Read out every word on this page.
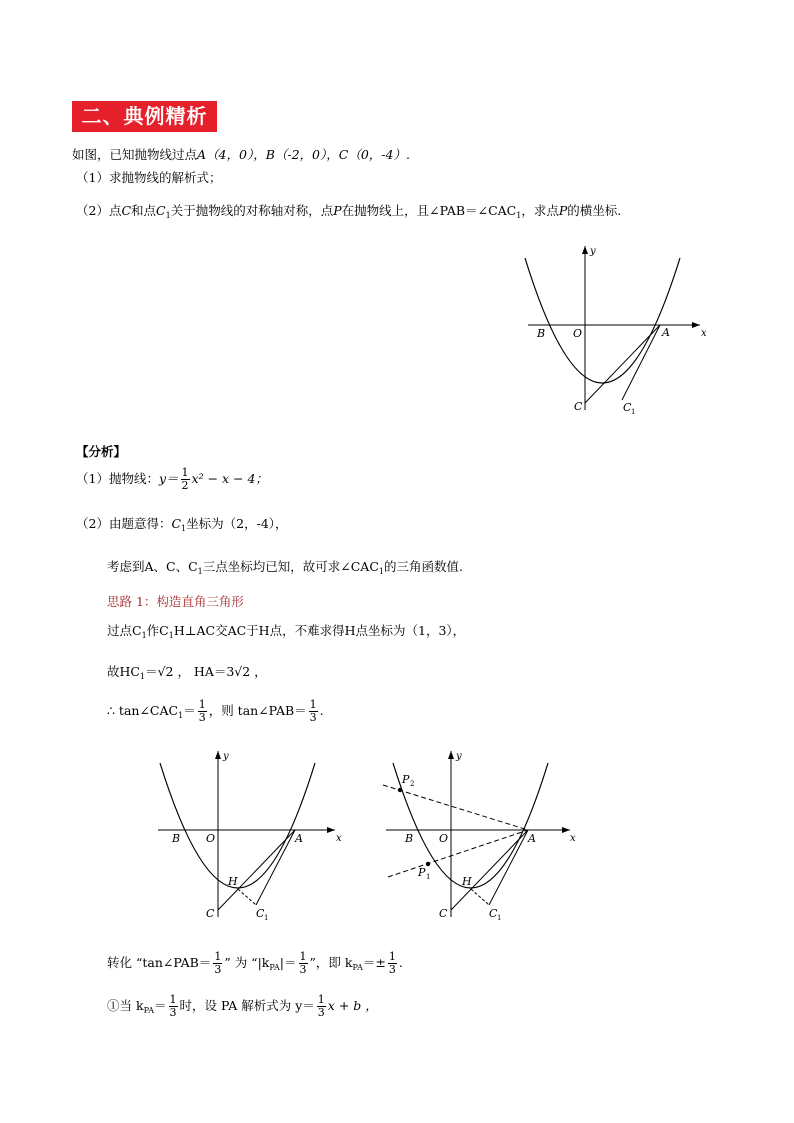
二、典例精析
如图，已知抛物线过点A（4，0），B（-2，0），C（0，-4）.
（1）求抛物线的解析式；
（2）点C和点$C_1$关于抛物线的对称轴对称，点P在抛物线上，且$\angle PAB=\angle CAC_1$，求点P的横坐标.
B	O	A	x
y
C	C 1
【分析】
（1）抛物线：$y= \frac{1}{2} x^2 - x - 4$；
（2）由题意得：$C_1$坐标为（2，-4），
考虑到A、C、$C_1$三点坐标均已知，故可求$\angle CAC_1$的三角函数值.
思路 1：构造直角三角形
过点$C_1$作$C_1H\perp AC$交AC于H点，不难求得H点坐标为（1，3），
故$HC_1=√2$ ， HA＝3√2 ，
∴ $\tan\angle CAC_1= \frac{1}{3}$ ，则 tan∠PAB＝ $\frac{1}{3}$ .
B O	A	x
y
H
C	C 1
P 2
P 1
B O	A	x
y
H
C	C 1
转化 “tan∠PAB＝ $\frac{1}{3}$ ” 为 “$|k_{PA}|= \frac{1}{3}$ ”，即 $k_{PA}=\pm \frac{1}{3}$ .
①当 $k_{PA}= \frac{1}{3}$ 时，设 PA 解析式为 $y= \frac{1}{3}$ x + b ，
